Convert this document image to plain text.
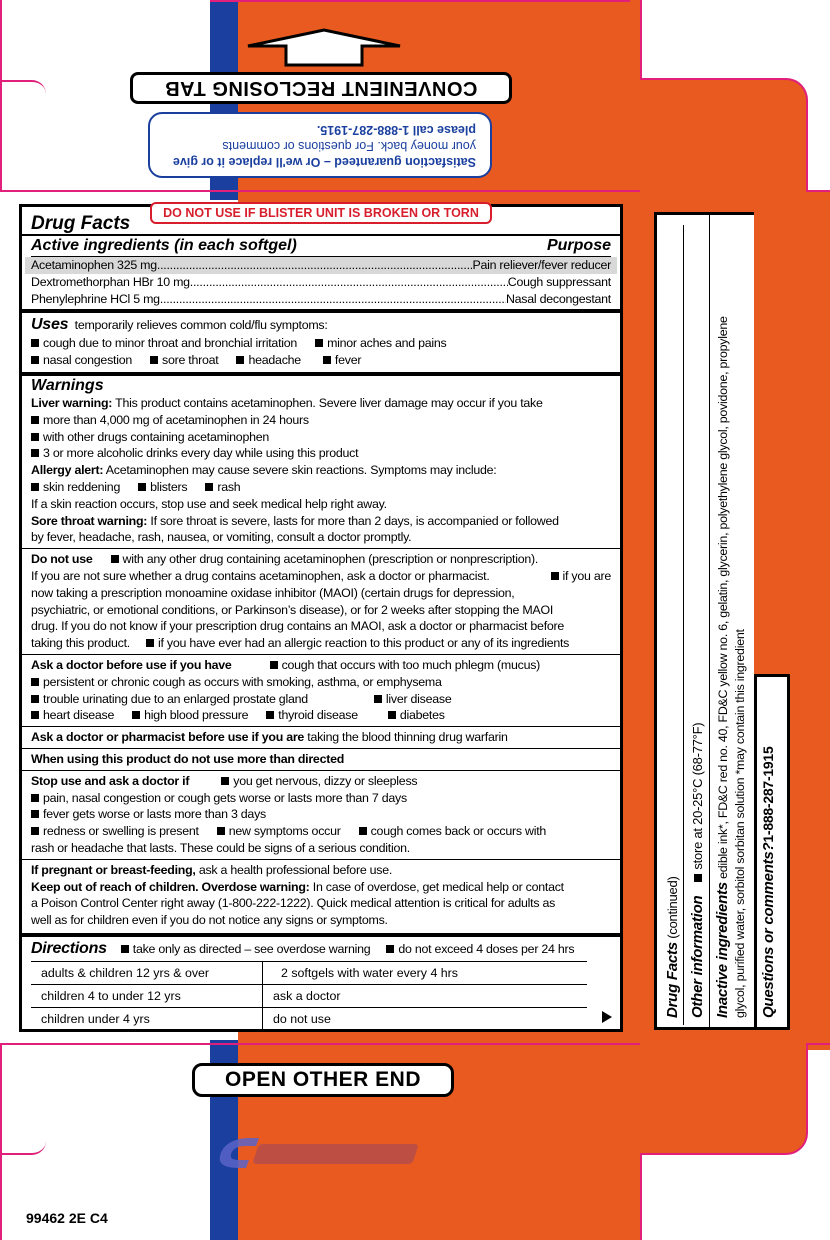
CONVENIENT RECLOSING TAB
Satisfaction guaranteed – Or we'll replace it or give
your money back. For questions or comments
please call 1-888-287-1915.
DO NOT USE IF BLISTER UNIT IS BROKEN OR TORN
Drug Facts
Active ingredients (in each softgel)	Purpose
Acetaminophen 325 mg .....	Pain reliever/fever reducer
Dextromethorphan HBr 10 mg .....	Cough suppressant
Phenylephrine HCl 5 mg .....	Nasal decongestant
Uses temporarily relieves common cold/flu symptoms:
cough due to minor throat and bronchial irritation minor aches and pains
nasal congestion sore throat headache	fever
Warnings
Liver warning: This product contains acetaminophen. Severe liver damage may occur if you take
more than 4,000 mg of acetaminophen in 24 hours
with other drugs containing acetaminophen
3 or more alcoholic drinks every day while using this product
Allergy alert: Acetaminophen may cause severe skin reactions. Symptoms may include:
skin reddening blisters rash
If a skin reaction occurs, stop use and seek medical help right away.
Sore throat warning: If sore throat is severe, lasts for more than 2 days, is accompanied or followed
by fever, headache, rash, nausea, or vomiting, consult a doctor promptly.
Do not use with any other drug containing acetaminophen (prescription or nonprescription).
If you are not sure whether a drug contains acetaminophen, ask a doctor or pharmacist.	if you are
now taking a prescription monoamine oxidase inhibitor (MAOI) (certain drugs for depression,
psychiatric, or emotional conditions, or Parkinson’s disease), or for 2 weeks after stopping the MAOI
drug. If you do not know if your prescription drug contains an MAOI, ask a doctor or pharmacist before
taking this product. if you have ever had an allergic reaction to this product or any of its ingredients
Ask a doctor before use if you have	cough that occurs with too much phlegm (mucus)
persistent or chronic cough as occurs with smoking, asthma, or emphysema
trouble urinating due to an enlarged prostate gland	liver disease
heart disease high blood pressure thyroid disease	diabetes
Ask a doctor or pharmacist before use if you are taking the blood thinning drug warfarin
When using this product do not use more than directed
Stop use and ask a doctor if	you get nervous, dizzy or sleepless
pain, nasal congestion or cough gets worse or lasts more than 7 days
fever gets worse or lasts more than 3 days
redness or swelling is present new symptoms occur cough comes back or occurs with
rash or headache that lasts. These could be signs of a serious condition.
If pregnant or breast-feeding, ask a health professional before use.
Keep out of reach of children. Overdose warning: In case of overdose, get medical help or contact
a Poison Control Center right away (1-800-222-1222). Quick medical attention is critical for adults as
well as for children even if you do not notice any signs or symptoms.
Directions take only as directed – see overdose warning do not exceed 4 doses per 24 hrs
adults & children 12 yrs & over	2 softgels with water every 4 hrs
children 4 to under 12 yrs	ask a doctor
children under 4 yrs	do not use
Drug Facts (continued) Other informationstore at 20-25°C (68-77°F)
Inactive ingredients edible ink*, FD&C red no. 40, FD&C yellow no. 6, gelatin, glycerin, polyethylene glycol, povidone, propylene glycol, purified water, sorbitol sorbitan solution *may contain this ingredient Questions or comments?1-888-287-1915
OPEN OTHER END
99462 2E C4
